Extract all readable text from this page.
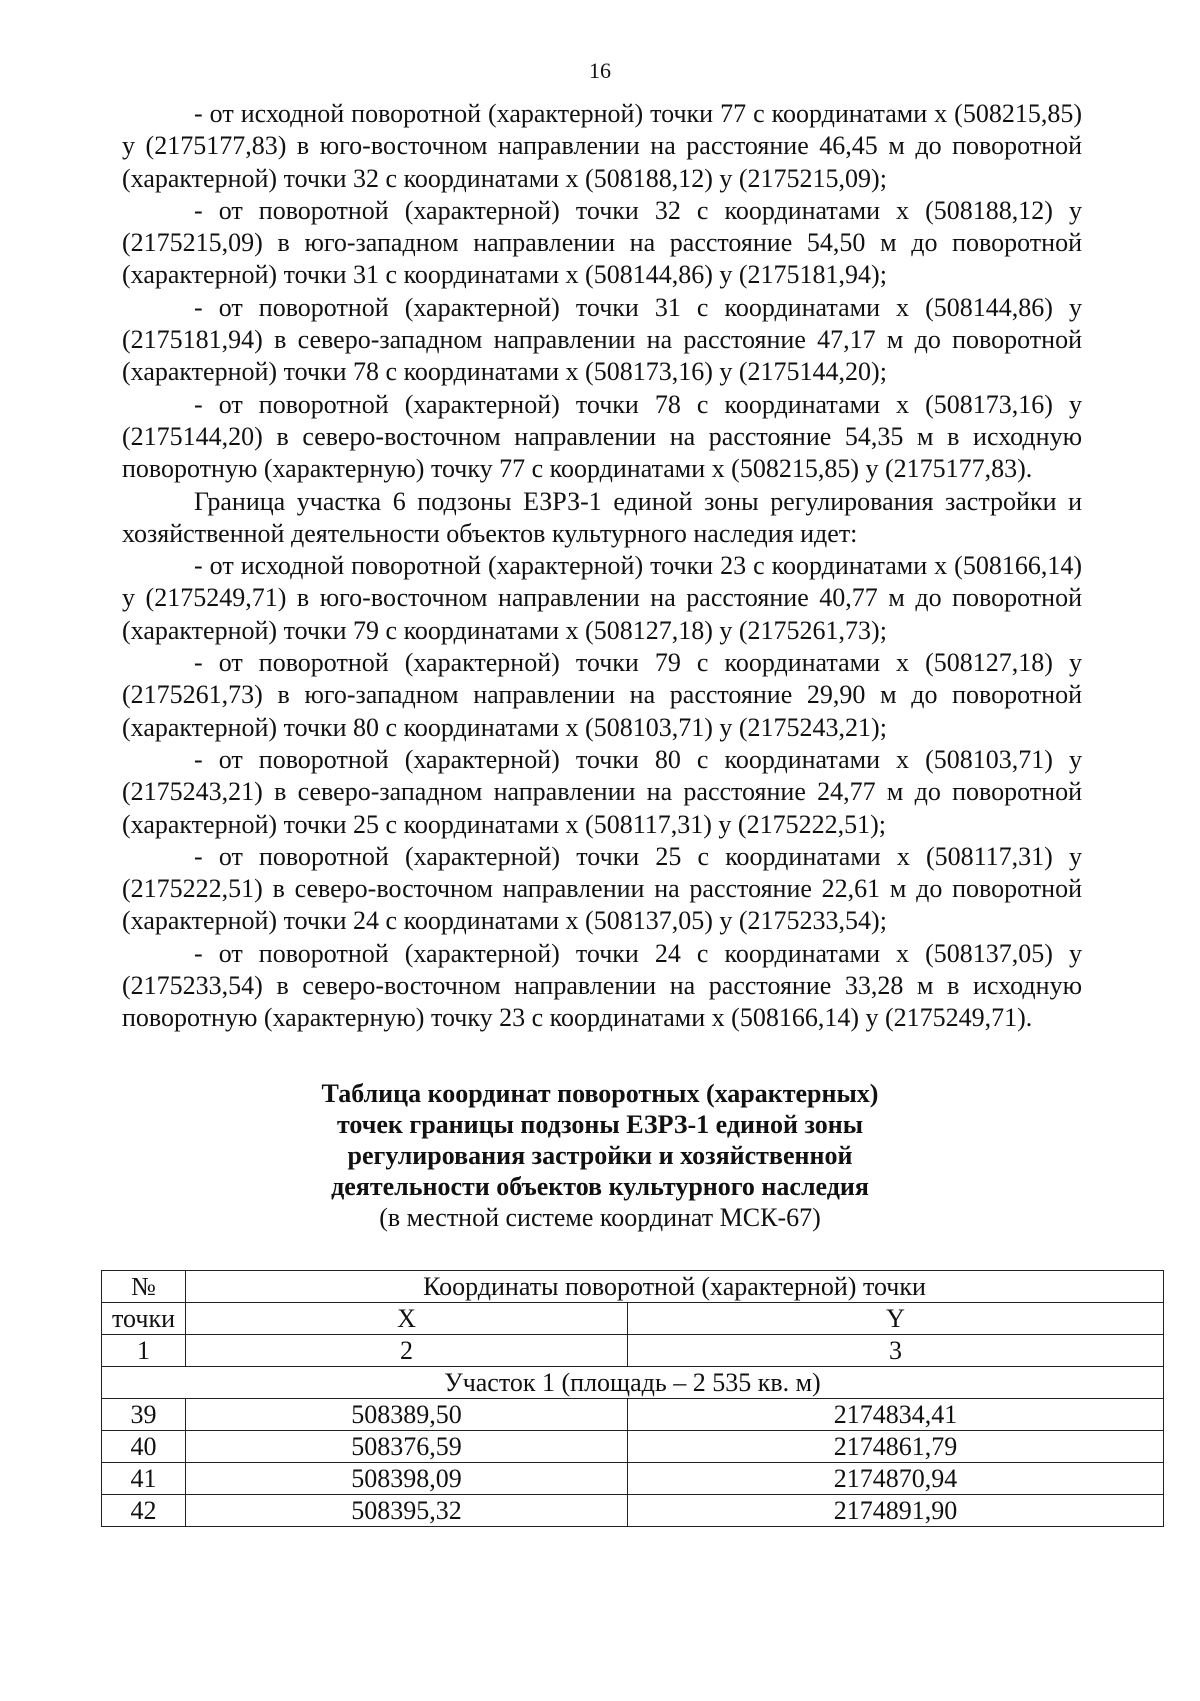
16

- от исходной поворотной (характерной) точки 77 с координатами х (508215,85) у (2175177,83) в юго-восточном направлении на расстояние 46,45 м до поворотной (характерной) точки 32 с координатами х (508188,12) у (2175215,09);

- от поворотной (характерной) точки 32 с координатами х (508188,12) у (2175215,09) в юго-западном направлении на расстояние 54,50 м до поворотной (характерной) точки 31 с координатами х (508144,86) у (2175181,94);

- от поворотной (характерной) точки 31 с координатами х (508144,86) у (2175181,94) в северо-западном направлении на расстояние 47,17 м до поворотной (характерной) точки 78 с координатами х (508173,16) у (2175144,20);

- от поворотной (характерной) точки 78 с координатами х (508173,16) у (2175144,20) в северо-восточном направлении на расстояние 54,35 м в исходную поворотную (характерную) точку 77 с координатами х (508215,85) у (2175177,83).

Граница участка 6 подзоны ЕЗРЗ-1 единой зоны регулирования застройки и хозяйственной деятельности объектов культурного наследия идет:

- от исходной поворотной (характерной) точки 23 с координатами х (508166,14) у (2175249,71) в юго-восточном направлении на расстояние 40,77 м до поворотной (характерной) точки 79 с координатами х (508127,18) у (2175261,73);

- от поворотной (характерной) точки 79 с координатами х (508127,18) у (2175261,73) в юго-западном направлении на расстояние 29,90 м до поворотной (характерной) точки 80 с координатами х (508103,71) у (2175243,21);

- от поворотной (характерной) точки 80 с координатами х (508103,71) у (2175243,21) в северо-западном направлении на расстояние 24,77 м до поворотной (характерной) точки 25 с координатами х (508117,31) у (2175222,51);

- от поворотной (характерной) точки 25 с координатами х (508117,31) у (2175222,51) в северо-восточном направлении на расстояние 22,61 м до поворотной (характерной) точки 24 с координатами х (508137,05) у (2175233,54);

- от поворотной (характерной) точки 24 с координатами х (508137,05) у (2175233,54) в северо-восточном направлении на расстояние 33,28 м в исходную поворотную (характерную) точку 23 с координатами х (508166,14) у (2175249,71).

Таблица координат поворотных (характерных)
точек границы подзоны ЕЗРЗ-1 единой зоны
регулирования застройки и хозяйственной
деятельности объектов культурного наследия
(в местной системе координат МСК-67)
№	Координаты поворотной (характерной) точки	
точки	X	Y
1	2	3
Участок 1 (площадь – 2 535 кв. м)		
39	508389,50	2174834,41
40	508376,59	2174861,79
41	508398,09	2174870,94
42	508395,32	2174891,90
